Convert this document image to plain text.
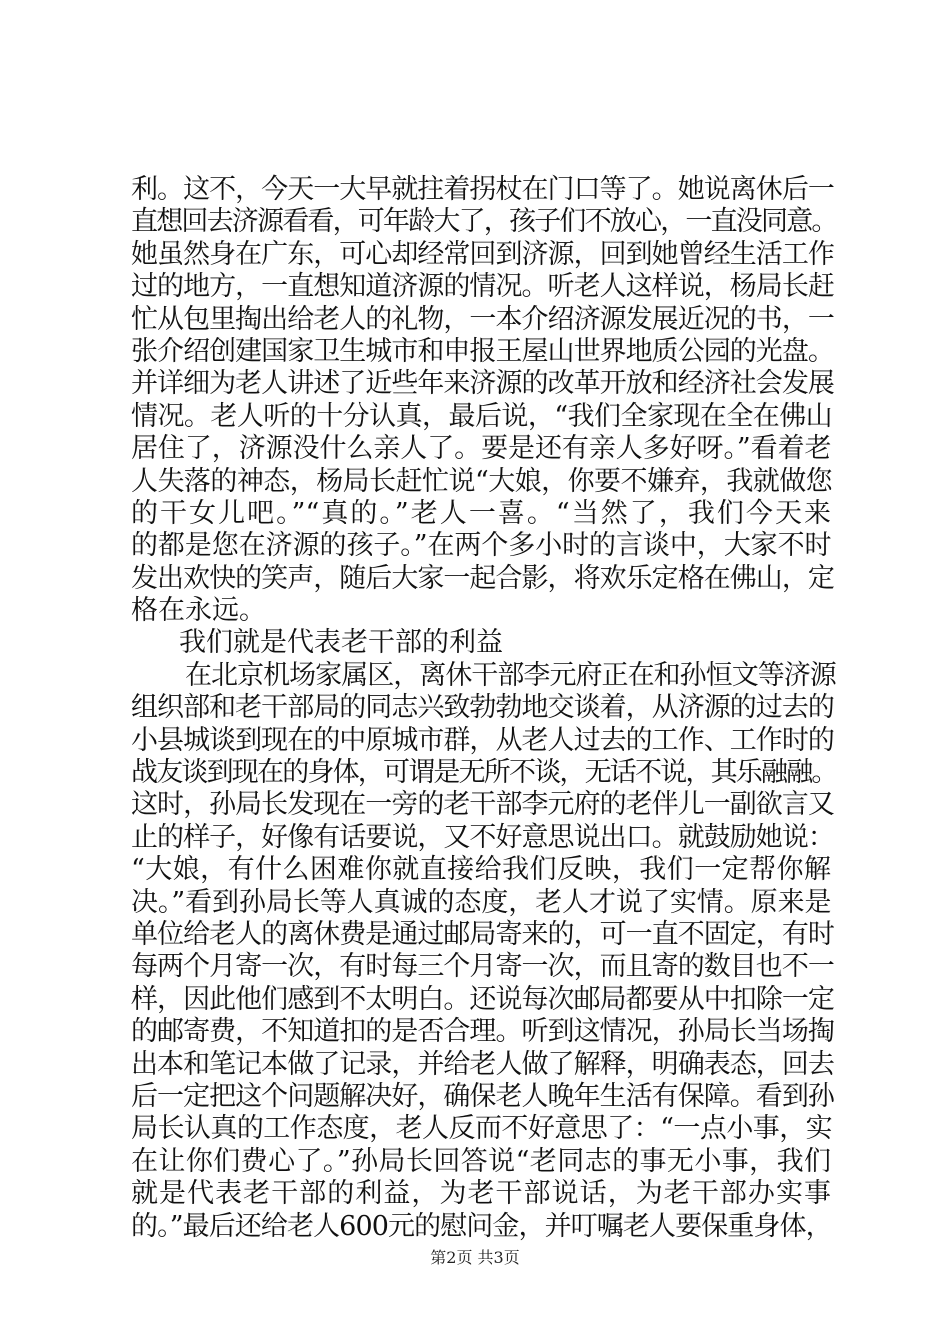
利。这不，今天一大早就拄着拐杖在门口等了。她说离休后一
直想回去济源看看，可年龄大了，孩子们不放心，一直没同意。
她虽然身在广东，可心却经常回到济源，回到她曾经生活工作
过的地方，一直想知道济源的情况。听老人这样说，杨局长赶
忙从包里掏出给老人的礼物，一本介绍济源发展近况的书，一
张介绍创建国家卫生城市和申报王屋山世界地质公园的光盘。
并详细为老人讲述了近些年来济源的改革开放和经济社会发展
情况。老人听的十分认真，最后说，“我们全家现在全在佛山
居住了，济源没什么亲人了。要是还有亲人多好呀。”看着老
人失落的神态，杨局长赶忙说“大娘，你要不嫌弃，我就做您
的干女儿吧。”“真的。”老人一喜。“当然了，我们今天来
的都是您在济源的孩子。”在两个多小时的言谈中，大家不时
发出欢快的笑声，随后大家一起合影，将欢乐定格在佛山，定
格在永远。
我们就是代表老干部的利益
在北京机场家属区，离休干部李元府正在和孙恒文等济源
组织部和老干部局的同志兴致勃勃地交谈着，从济源的过去的
小县城谈到现在的中原城市群，从老人过去的工作、工作时的
战友谈到现在的身体，可谓是无所不谈，无话不说，其乐融融。
这时，孙局长发现在一旁的老干部李元府的老伴儿一副欲言又
止的样子，好像有话要说，又不好意思说出口。就鼓励她说：
“大娘，有什么困难你就直接给我们反映，我们一定帮你解
决。”看到孙局长等人真诚的态度，老人才说了实情。原来是
单位给老人的离休费是通过邮局寄来的，可一直不固定，有时
每两个月寄一次，有时每三个月寄一次，而且寄的数目也不一
样，因此他们感到不太明白。还说每次邮局都要从中扣除一定
的邮寄费，不知道扣的是否合理。听到这情况，孙局长当场掏
出本和笔记本做了记录，并给老人做了解释，明确表态，回去
后一定把这个问题解决好，确保老人晚年生活有保障。看到孙
局长认真的工作态度，老人反而不好意思了：“一点小事，实
在让你们费心了。”孙局长回答说“老同志的事无小事，我们
就是代表老干部的利益，为老干部说话，为老干部办实事
的。”最后还给老人600元的慰问金，并叮嘱老人要保重身体，
第2页 共3页
